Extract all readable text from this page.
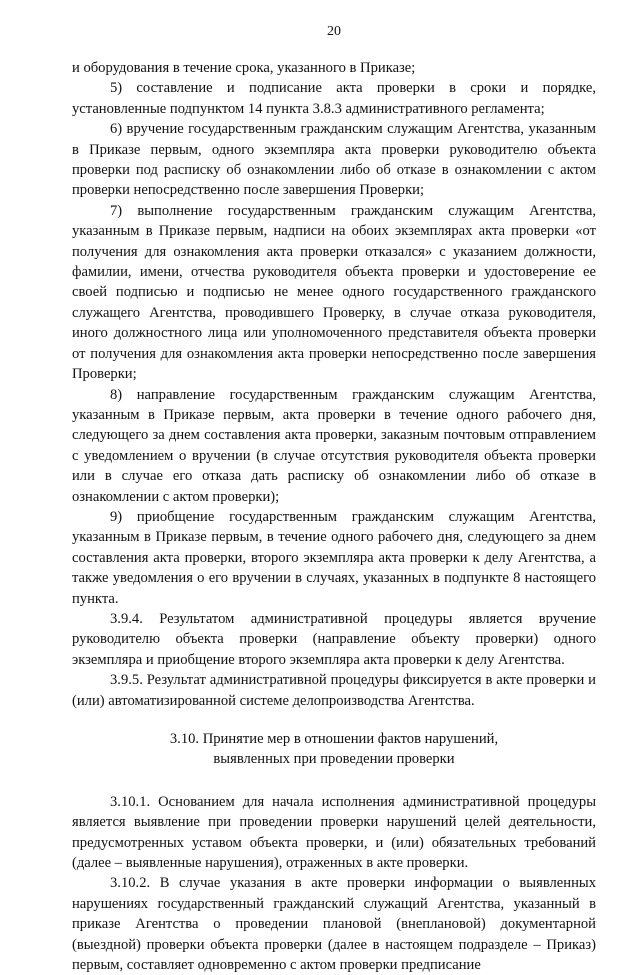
20

и оборудования в течение срока, указанного в Приказе;

5) составление и подписание акта проверки в сроки и порядке, установленные подпунктом 14 пункта 3.8.3 административного регламента;

6) вручение государственным гражданским служащим Агентства, указанным в Приказе первым, одного экземпляра акта проверки руководителю объекта проверки под расписку об ознакомлении либо об отказе в ознакомлении с актом проверки непосредственно после завершения Проверки;

7) выполнение государственным гражданским служащим Агентства, указанным в Приказе первым, надписи на обоих экземплярах акта проверки «от получения для ознакомления акта проверки отказался» с указанием должности, фамилии, имени, отчества руководителя объекта проверки и удостоверение ее своей подписью и подписью не менее одного государственного гражданского служащего Агентства, проводившего Проверку, в случае отказа руководителя, иного должностного лица или уполномоченного представителя объекта проверки от получения для ознакомления акта проверки непосредственно после завершения Проверки;

8) направление государственным гражданским служащим Агентства, указанным в Приказе первым, акта проверки в течение одного рабочего дня, следующего за днем составления акта проверки, заказным почтовым отправлением с уведомлением о вручении (в случае отсутствия руководителя объекта проверки или в случае его отказа дать расписку об ознакомлении либо об отказе в ознакомлении с актом проверки);

9) приобщение государственным гражданским служащим Агентства, указанным в Приказе первым, в течение одного рабочего дня, следующего за днем составления акта проверки, второго экземпляра акта проверки к делу Агентства, а также уведомления о его вручении в случаях, указанных в подпункте 8 настоящего пункта.

3.9.4. Результатом административной процедуры является вручение руководителю объекта проверки (направление объекту проверки) одного экземпляра и приобщение второго экземпляра акта проверки к делу Агентства.

3.9.5. Результат административной процедуры фиксируется в акте проверки и (или) автоматизированной системе делопроизводства Агентства.

3.10. Принятие мер в отношении фактов нарушений,
выявленных при проведении проверки

3.10.1. Основанием для начала исполнения административной процедуры является выявление при проведении проверки нарушений целей деятельности, предусмотренных уставом объекта проверки, и (или) обязательных требований (далее – выявленные нарушения), отраженных в акте проверки.

3.10.2. В случае указания в акте проверки информации о выявленных нарушениях государственный гражданский служащий Агентства, указанный в приказе Агентства о проведении плановой (внеплановой) документарной (выездной) проверки объекта проверки (далее в настоящем подразделе – Приказ) первым, составляет одновременно с актом проверки предписание
